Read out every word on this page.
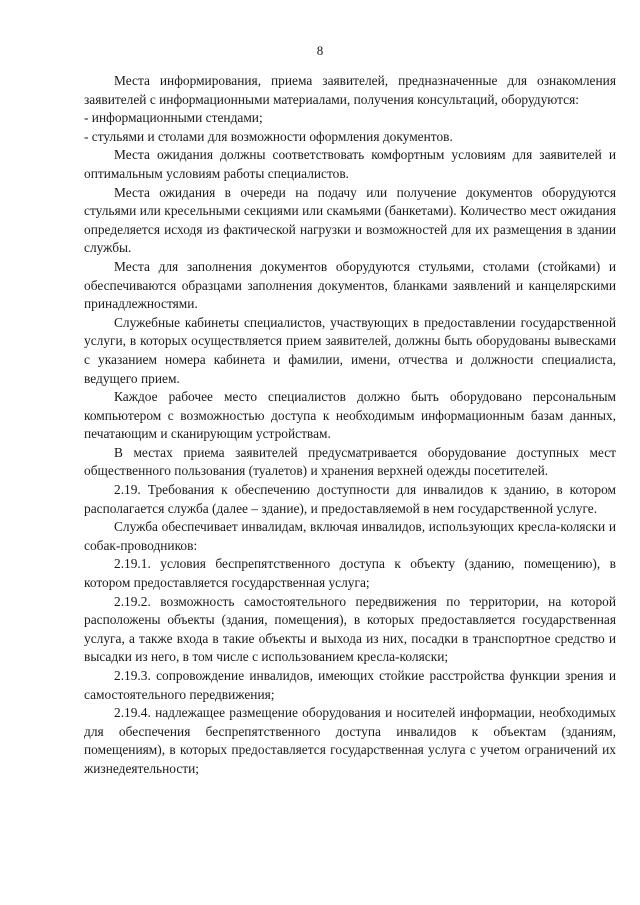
8

Места информирования, приема заявителей, предназначенные для ознакомления заявителей с информационными материалами, получения консультаций, оборудуются:

- информационными стендами;

- стульями и столами для возможности оформления документов.

Места ожидания должны соответствовать комфортным условиям для заявителей и оптимальным условиям работы специалистов.

Места ожидания в очереди на подачу или получение документов оборудуются стульями или кресельными секциями или скамьями (банкетами). Количество мест ожидания определяется исходя из фактической нагрузки и возможностей для их размещения в здании службы.

Места для заполнения документов оборудуются стульями, столами (стойками) и обеспечиваются образцами заполнения документов, бланками заявлений и канцелярскими принадлежностями.

Служебные кабинеты специалистов, участвующих в предоставлении государственной услуги, в которых осуществляется прием заявителей, должны быть оборудованы вывесками с указанием номера кабинета и фамилии, имени, отчества и должности специалиста, ведущего прием.

Каждое рабочее место специалистов должно быть оборудовано персональным компьютером с возможностью доступа к необходимым информационным базам данных, печатающим и сканирующим устройствам.

В местах приема заявителей предусматривается оборудование доступных мест общественного пользования (туалетов) и хранения верхней одежды посетителей.

2.19. Требования к обеспечению доступности для инвалидов к зданию, в котором располагается служба (далее – здание), и предоставляемой в нем государственной услуге.

Служба обеспечивает инвалидам, включая инвалидов, использующих кресла-коляски и собак-проводников:

2.19.1. условия беспрепятственного доступа к объекту (зданию, помещению), в котором предоставляется государственная услуга;

2.19.2. возможность самостоятельного передвижения по территории, на которой расположены объекты (здания, помещения), в которых предоставляется государственная услуга, а также входа в такие объекты и выхода из них, посадки в транспортное средство и высадки из него, в том числе с использованием кресла-коляски;

2.19.3. сопровождение инвалидов, имеющих стойкие расстройства функции зрения и самостоятельного передвижения;

2.19.4. надлежащее размещение оборудования и носителей информации, необходимых для обеспечения беспрепятственного доступа инвалидов к объектам (зданиям, помещениям), в которых предоставляется государственная услуга с учетом ограничений их жизнедеятельности;
